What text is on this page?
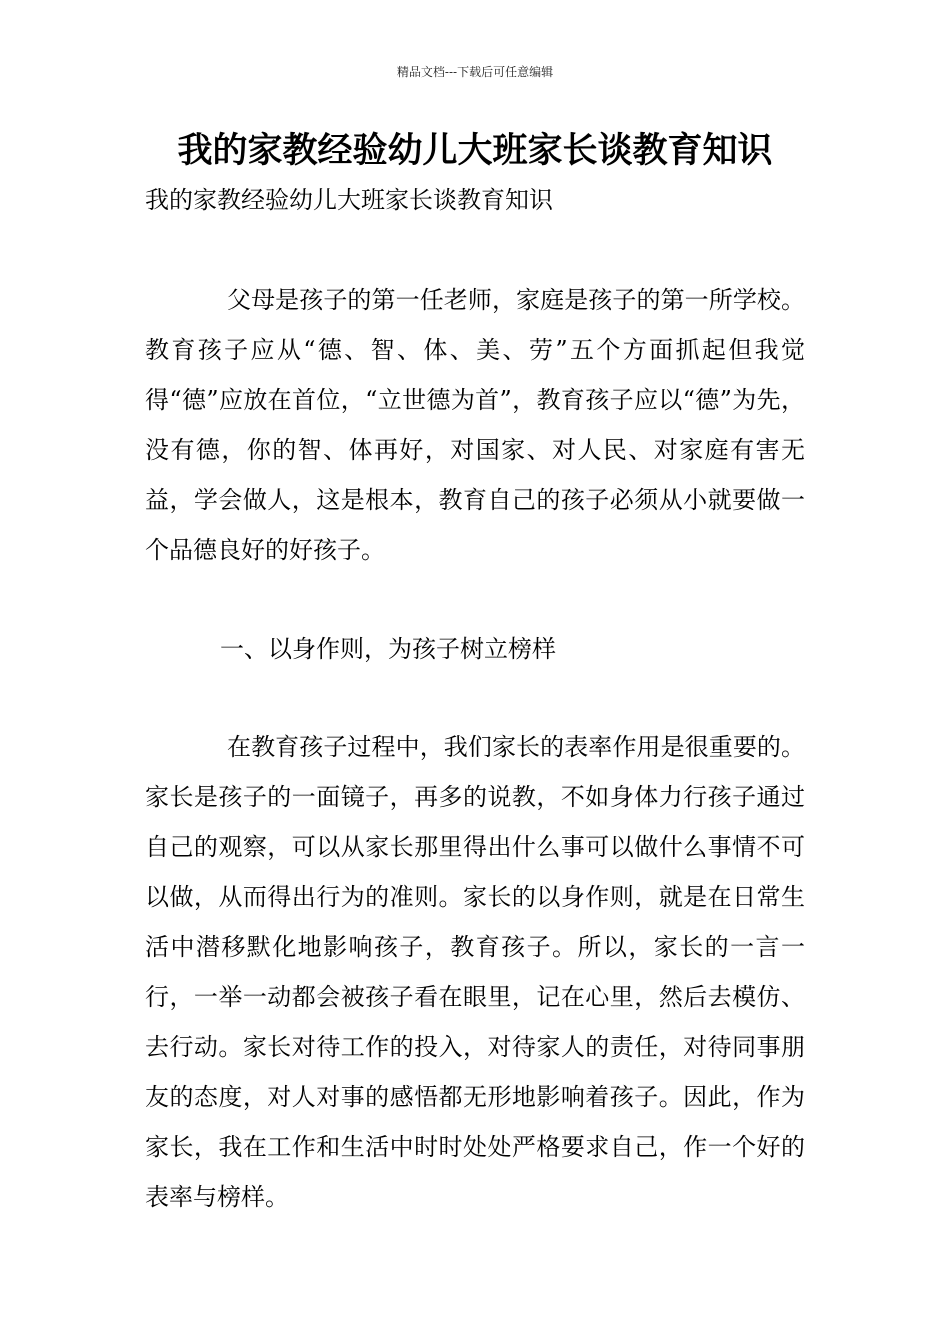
精品文档---下载后可任意编辑
我的家教经验幼儿大班家长谈教育知识
我的家教经验幼儿大班家长谈教育知识

父母是孩子的第一任老师，家庭是孩子的第一所学校。教育孩子应从“德、智、体、美、劳”五个方面抓起但我觉得“德”应放在首位，“立世德为首”，教育孩子应以“德”为先，没有德，你的智、体再好，对国家、对人民、对家庭有害无益，学会做人，这是根本，教育自己的孩子必须从小就要做一个品德良好的好孩子。

一、以身作则，为孩子树立榜样

在教育孩子过程中，我们家长的表率作用是很重要的。家长是孩子的一面镜子，再多的说教，不如身体力行孩子通过自己的观察，可以从家长那里得出什么事可以做什么事情不可以做，从而得出行为的准则。家长的以身作则，就是在日常生活中潜移默化地影响孩子，教育孩子。所以，家长的一言一行，一举一动都会被孩子看在眼里，记在心里，然后去模仿、去行动。家长对待工作的投入，对待家人的责任，对待同事朋友的态度，对人对事的感悟都无形地影响着孩子。因此，作为家长，我在工作和生活中时时处处严格要求自己，作一个好的表率与榜样。
